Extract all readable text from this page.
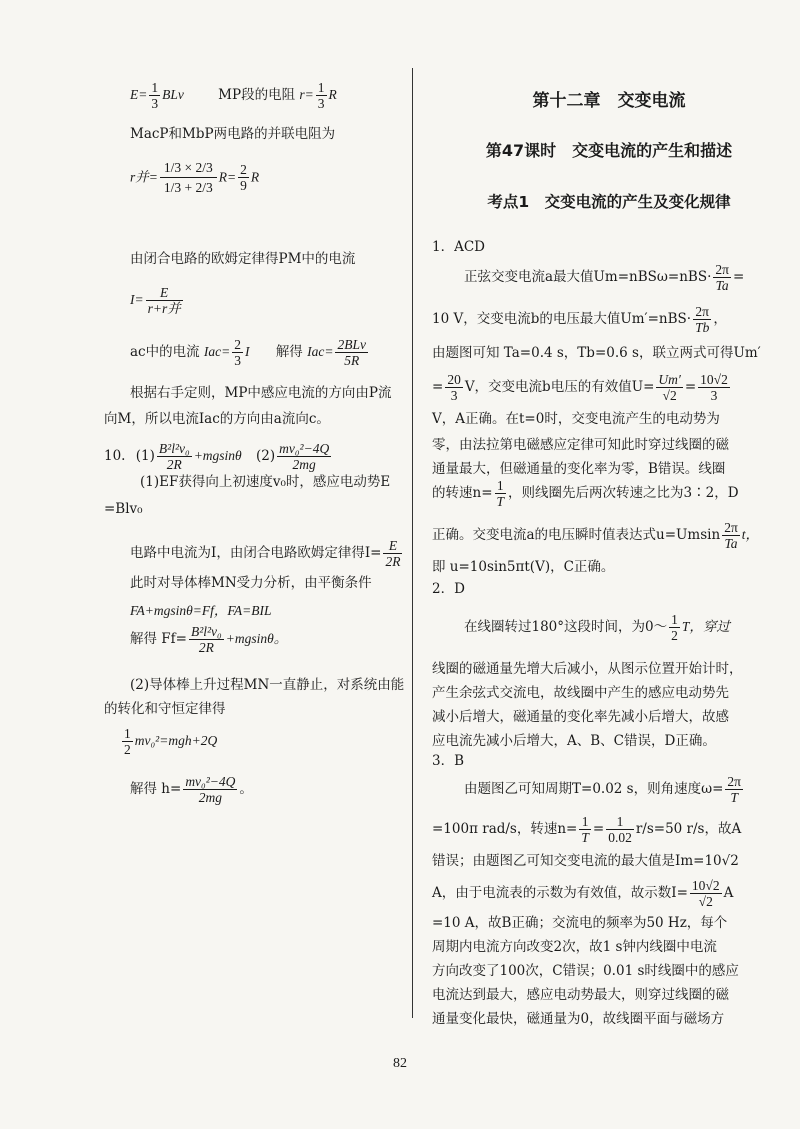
$E= \frac{1}{3}$ BLv	MP段的电阻 $r= \frac{1}{3}$ R
MacP和MbP两电路的并联电阻为
r并= $\frac{1/3 \times 2/3}{1/3 + 2/3} R= \frac{2}{9}$ R
由闭合电路的欧姆定律得PM中的电流
$I= \frac{E}{\text{r+r并}}$
ac中的电流 $Iac= \frac{2}{3}$ I 解得 $Iac= \frac{\text{2BLv}}{5R}$
根据右手定则，MP中感应电流的方向由P流
向M，所以电流Iac的方向由a流向c。
10. $(1) \frac{\text{B²l²v₀}}{2R} +mgsin\theta$ $(2) \frac{\text{mv₀²−4Q}}{2mg}$
(1)EF获得向上初速度v₀时，感应电动势E
=Blv₀
电路中电流为I，由闭合电路欧姆定律得$I= \frac{E}{2R}$
此时对导体棒MN受力分析，由平衡条件
FA+mgsinθ=Ff，FA=BIL
解得 $Ff= \frac{\text{B²l²v₀}}{2R} +mgsin\theta$。
(2)导体棒上升过程MN一直静止，对系统由能
的转化和守恒定律得
$\frac{1}{2} mv_0^2=mgh+2Q$
解得 $h= \frac{\text{mv₀²−4Q}}{2mg}$ 。
第十二章　交变电流
第47课时　交变电流的产生和描述
考点1　交变电流的产生及变化规律
1．ACD
正弦交变电流a最大值$Um=nBS\omega=nBS\cdot \frac{2\pi}{Ta}$ =
10 V，交变电流b的电压最大值$Um'=nBS\cdot \frac{2\pi}{Tb}$ ，
由题图可知 Ta=0.4 s，Tb=0.6 s，联立两式可得Um′
= $\frac{20}{3}$ V，交变电流b电压的有效值$U= \frac{Um'}{√2} = \frac{10√2}{3}$
V，A正确。在t=0时，交变电流产生的电动势为
零，由法拉第电磁感应定律可知此时穿过线圈的磁
通量最大，但磁通量的变化率为零，B错误。线圈
的转速$n= \frac{1}{T}$ ，则线圈先后两次转速之比为3∶2，D
正确。交变电流a的电压瞬时值表达式$u=Umsin \frac{2\pi}{Ta}$ t，
即 u=10sin5πt(V)，C正确。
2．D
在线圈转过180°这段时间，为0～ $\frac{1}{2}$ T，穿过
线圈的磁通量先增大后减小，从图示位置开始计时，
产生余弦式交流电，故线圈中产生的感应电动势先
减小后增大，磁通量的变化率先减小后增大，故感
应电流先减小后增大，A、B、C错误，D正确。
3．B
由题图乙可知周期T=0.02 s，则角速度$\omega= \frac{2\pi}{T}$
=100π rad/s，转速$n= \frac{1}{T} = \frac{1}{0.02} r/s=50$ r/s，故A
错误；由题图乙可知交变电流的最大值是Im=10√2
A，由于电流表的示数为有效值，故示数$I= \frac{10√2}{√2}$ A
=10 A，故B正确；交流电的频率为50 Hz，每个
周期内电流方向改变2次，故1 s钟内线圈中电流
方向改变了100次，C错误；0.01 s时线圈中的感应
电流达到最大，感应电动势最大，则穿过线圈的磁
通量变化最快，磁通量为0，故线圈平面与磁场方
82
